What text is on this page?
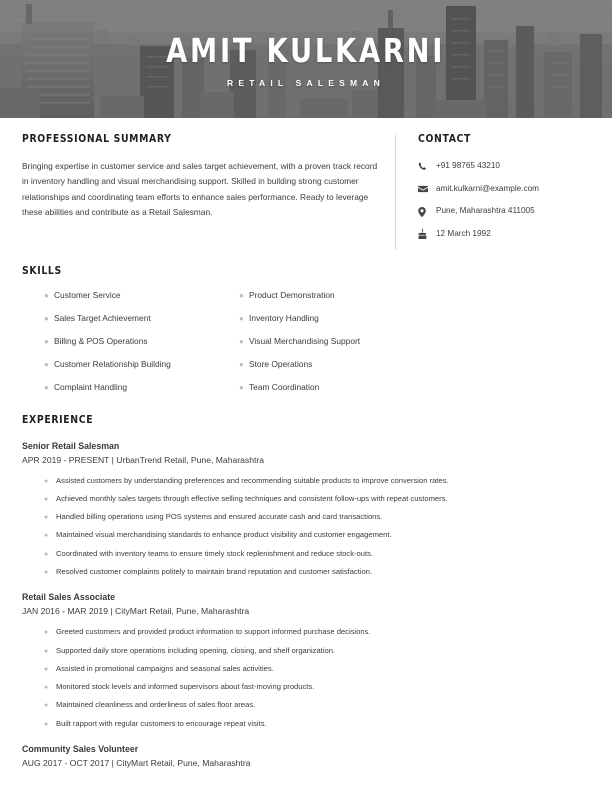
AMIT KULKARNI
RETAIL SALESMAN
PROFESSIONAL SUMMARY
Bringing expertise in customer service and sales target achievement, with a proven track record in inventory handling and visual merchandising support. Skilled in building strong customer relationships and coordinating team efforts to enhance sales performance. Ready to leverage these abilities and contribute as a Retail Salesman.
CONTACT
+91 98765 43210
amit.kulkarni@example.com
Pune, Maharashtra 411005
12 March 1992
SKILLS
● Customer Service
● Sales Target Achievement
● Billing & POS Operations
● Customer Relationship Building
● Complaint Handling
● Product Demonstration
● Inventory Handling
● Visual Merchandising Support
● Store Operations
● Team Coordination
EXPERIENCE
Senior Retail Salesman
APR 2019 - PRESENT | UrbanTrend Retail, Pune, Maharashtra
●	Assisted customers by understanding preferences and recommending suitable products to improve conversion rates.
●	Achieved monthly sales targets through effective selling techniques and consistent follow-ups with repeat customers.
●	Handled billing operations using POS systems and ensured accurate cash and card transactions.
●	Maintained visual merchandising standards to enhance product visibility and customer engagement.
●	Coordinated with inventory teams to ensure timely stock replenishment and reduce stock-outs.
●	Resolved customer complaints politely to maintain brand reputation and customer satisfaction.
Retail Sales Associate
JAN 2016 - MAR 2019 | CityMart Retail, Pune, Maharashtra
●	Greeted customers and provided product information to support informed purchase decisions.
●	Supported daily store operations including opening, closing, and shelf organization.
●	Assisted in promotional campaigns and seasonal sales activities.
●	Monitored stock levels and informed supervisors about fast-moving products.
●	Maintained cleanliness and orderliness of sales floor areas.
●	Built rapport with regular customers to encourage repeat visits.
Community Sales Volunteer
AUG 2017 - OCT 2017 | CityMart Retail, Pune, Maharashtra
